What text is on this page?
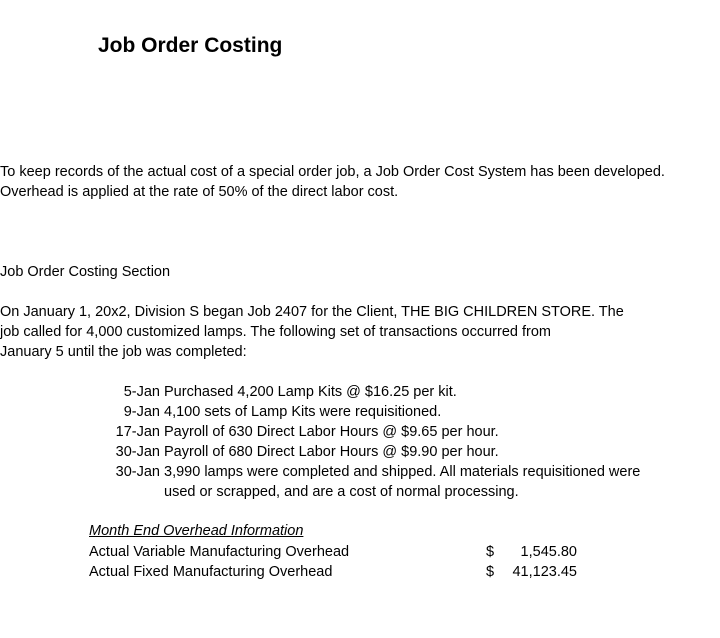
Job Order Costing
To keep records of the actual cost of a special order job, a Job Order Cost System has been developed.
Overhead is applied at the rate of 50% of the direct labor cost.
Job Order Costing Section
On January 1, 20x2, Division S began Job 2407 for the Client, THE BIG CHILDREN STORE. The
job called for 4,000 customized lamps. The following set of transactions occurred from
January 5 until the job was completed:
5-Jan Purchased 4,200 Lamp Kits @ $16.25 per kit.
9-Jan 4,100 sets of Lamp Kits were requisitioned.
17-Jan Payroll of 630 Direct Labor Hours @ $9.65 per hour.
30-Jan Payroll of 680 Direct Labor Hours @ $9.90 per hour.
30-Jan 3,990 lamps were completed and shipped. All materials requisitioned were
used or scrapped, and are a cost of normal processing.
Month End Overhead Information
Actual Variable Manufacturing Overhead	$	1,545.80
Actual Fixed Manufacturing Overhead	$	41,123.45
